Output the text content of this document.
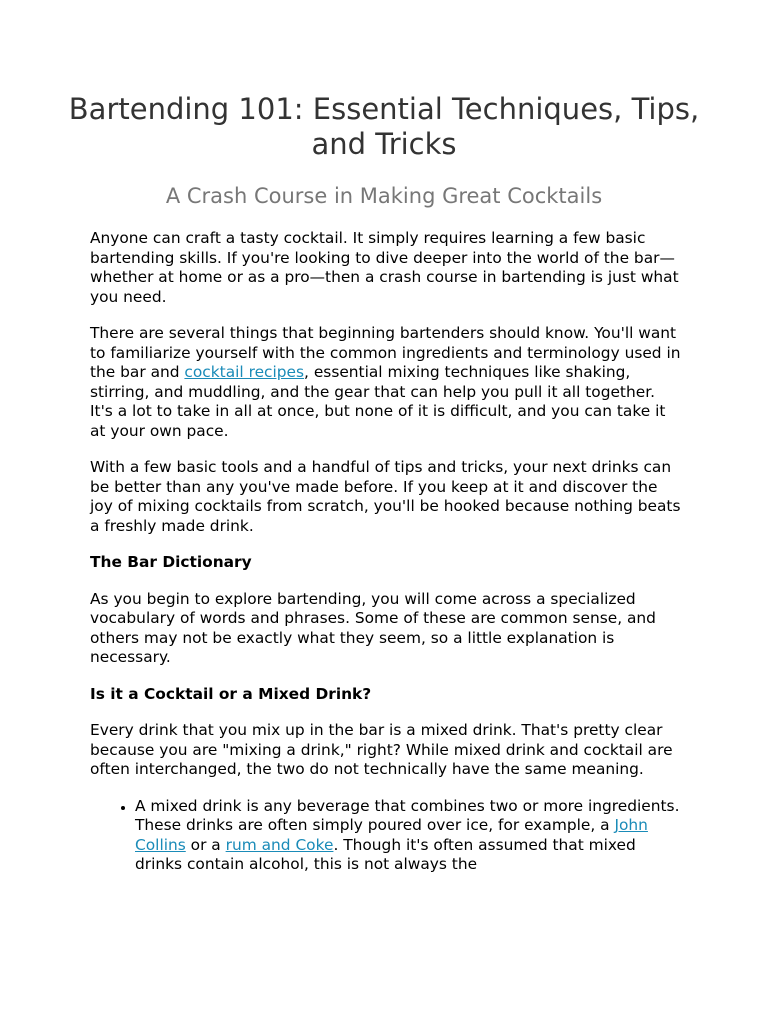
Bartending 101: Essential Techniques, Tips, and Tricks
A Crash Course in Making Great Cocktails

Anyone can craft a tasty cocktail. It simply requires learning a few basic bartending skills. If you're looking to dive deeper into the world of the bar—whether at home or as a pro—then a crash course in bartending is just what you need.

There are several things that beginning bartenders should know. You'll want to familiarize yourself with the common ingredients and terminology used in the bar and cocktail recipes, essential mixing techniques like shaking, stirring, and muddling, and the gear that can help you pull it all together. It's a lot to take in all at once, but none of it is difficult, and you can take it at your own pace.

With a few basic tools and a handful of tips and tricks, your next drinks can be better than any you've made before. If you keep at it and discover the joy of mixing cocktails from scratch, you'll be hooked because nothing beats a freshly made drink.

The Bar Dictionary

As you begin to explore bartending, you will come across a specialized vocabulary of words and phrases. Some of these are common sense, and others may not be exactly what they seem, so a little explanation is necessary.

Is it a Cocktail or a Mixed Drink?

Every drink that you mix up in the bar is a mixed drink. That's pretty clear because you are "mixing a drink," right? While mixed drink and cocktail are often interchanged, the two do not technically have the same meaning.

• A mixed drink is any beverage that combines two or more ingredients. These drinks are often simply poured over ice, for example, a John Collins or a rum and Coke. Though it's often assumed that mixed drinks contain alcohol, this is not always the
